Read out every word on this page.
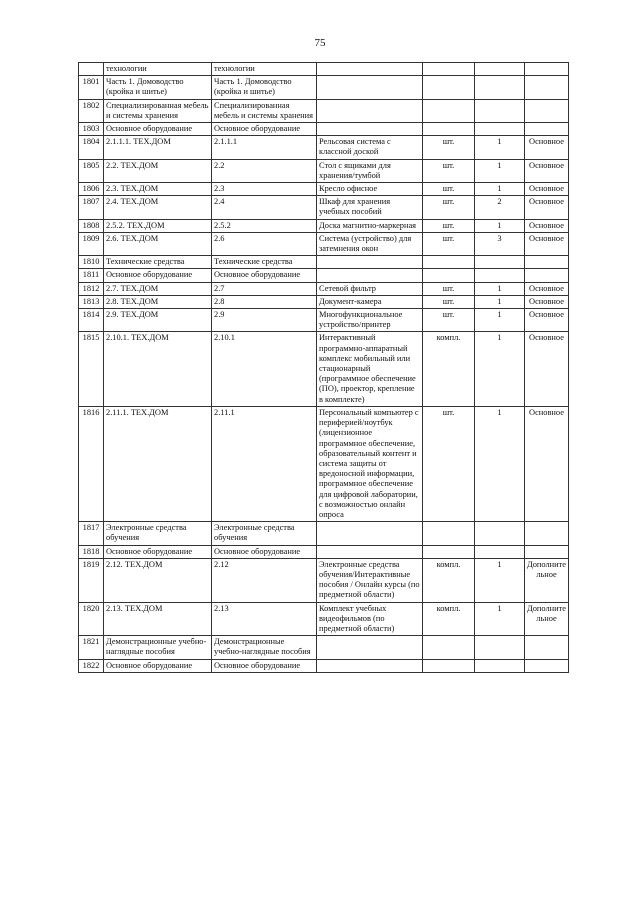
75
	технологии	технологии				
1801	Часть 1. Домоводство (кройка и шитье)	Часть 1. Домоводство (кройка и шитье)				
1802	Специализированная мебель и системы хранения	Специализированная мебель и системы хранения				
1803	Основное оборудование	Основное оборудование				
1804	2.1.1.1. ТЕХ.ДОМ	2.1.1.1	Рельсовая система с классной доской	шт.	1	Основное
1805	2.2. ТЕХ.ДОМ	2.2	Стол с ящиками для хранения/тумбой	шт.	1	Основное
1806	2.3. ТЕХ.ДОМ	2.3	Кресло офисное	шт.	1	Основное
1807	2.4. ТЕХ.ДОМ	2.4	Шкаф для хранения учебных пособий	шт.	2	Основное
1808	2.5.2. ТЕХ.ДОМ	2.5.2	Доска магнитно-маркерная	шт.	1	Основное
1809	2.6. ТЕХ.ДОМ	2.6	Система (устройство) для затемнения окон	шт.	3	Основное
1810	Технические средства	Технические средства				
1811	Основное оборудование	Основное оборудование				
1812	2.7. ТЕХ.ДОМ	2.7	Сетевой фильтр	шт.	1	Основное
1813	2.8. ТЕХ.ДОМ	2.8	Документ-камера	шт.	1	Основное
1814	2.9. ТЕХ.ДОМ	2.9	Многофункциональное устройство/принтер	шт.	1	Основное
1815	2.10.1. ТЕХ.ДОМ	2.10.1	Интерактивный программно-аппаратный комплекс мобильный или стационарный (программное обеспечение (ПО), проектор, крепление в комплекте)	компл.	1	Основное
1816	2.11.1. ТЕХ.ДОМ	2.11.1	Персональный компьютер с периферией/ноутбук (лицензионное программное обеспечение, образовательный контент и система защиты от вредоносной информации, программное обеспечение для цифровой лаборатории, с возможностью онлайн опроса	шт.	1	Основное
1817	Электронные средства обучения	Электронные средства обучения				
1818	Основное оборудование	Основное оборудование				
1819	2.12. ТЕХ.ДОМ	2.12	Электронные средства обучения/Интерактивные пособия / Онлайн курсы (по предметной области)	компл.	1	Дополнительное
1820	2.13. ТЕХ.ДОМ	2.13	Комплект учебных видеофильмов (по предметной области)	компл.	1	Дополнительное
1821	Демонстрационные учебно-наглядные пособия	Демонстрационные учебно-наглядные пособия				
1822	Основное оборудование	Основное оборудование				
